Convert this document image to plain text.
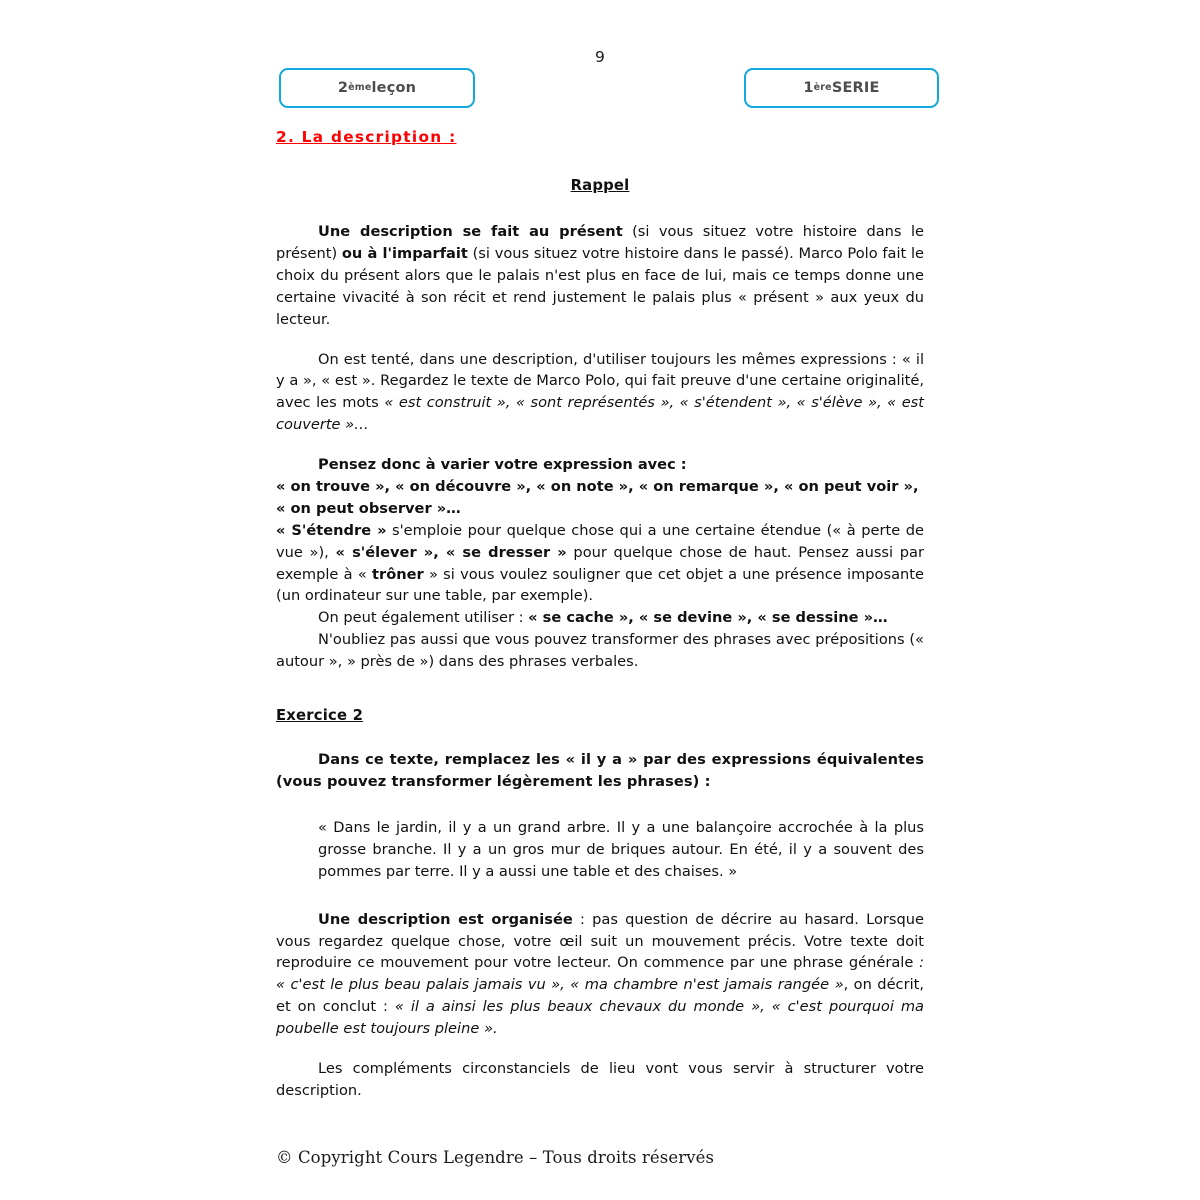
9
2 ème leçon	1 ère SERIE
2. La description :
Rappel

Une description se fait au présent (si vous situez votre histoire dans le présent) ou à l'imparfait (si vous situez votre histoire dans le passé). Marco Polo fait le choix du présent alors que le palais n'est plus en face de lui, mais ce temps donne une certaine vivacité à son récit et rend justement le palais plus « présent » aux yeux du lecteur.

On est tenté, dans une description, d'utiliser toujours les mêmes expressions : « il y a », « est ». Regardez le texte de Marco Polo, qui fait preuve d'une certaine originalité, avec les mots « est construit », « sont représentés », « s'étendent », « s'élève », « est couverte »…

Pensez donc à varier votre expression avec :

« on trouve », « on découvre », « on note », « on remarque », « on peut voir »,

« on peut observer »…

« S'étendre » s'emploie pour quelque chose qui a une certaine étendue (« à perte de vue »), « s'élever », « se dresser » pour quelque chose de haut. Pensez aussi par exemple à « trôner » si vous voulez souligner que cet objet a une présence imposante (un ordinateur sur une table, par exemple).

On peut également utiliser : « se cache », « se devine », « se dessine »…

N'oubliez pas aussi que vous pouvez transformer des phrases avec prépositions (« autour », » près de ») dans des phrases verbales.

Exercice 2

Dans ce texte, remplacez les « il y a » par des expressions équivalentes (vous pouvez transformer légèrement les phrases) :

« Dans le jardin, il y a un grand arbre. Il y a une balançoire accrochée à la plus grosse branche. Il y a un gros mur de briques autour. En été, il y a souvent des pommes par terre. Il y a aussi une table et des chaises. »

Une description est organisée : pas question de décrire au hasard. Lorsque vous regardez quelque chose, votre œil suit un mouvement précis. Votre texte doit reproduire ce mouvement pour votre lecteur. On commence par une phrase générale : « c'est le plus beau palais jamais vu », « ma chambre n'est jamais rangée », on décrit, et on conclut : « il a ainsi les plus beaux chevaux du monde », « c'est pourquoi ma poubelle est toujours pleine ».

Les compléments circonstanciels de lieu vont vous servir à structurer votre description.

© Copyright Cours Legendre – Tous droits réservés
